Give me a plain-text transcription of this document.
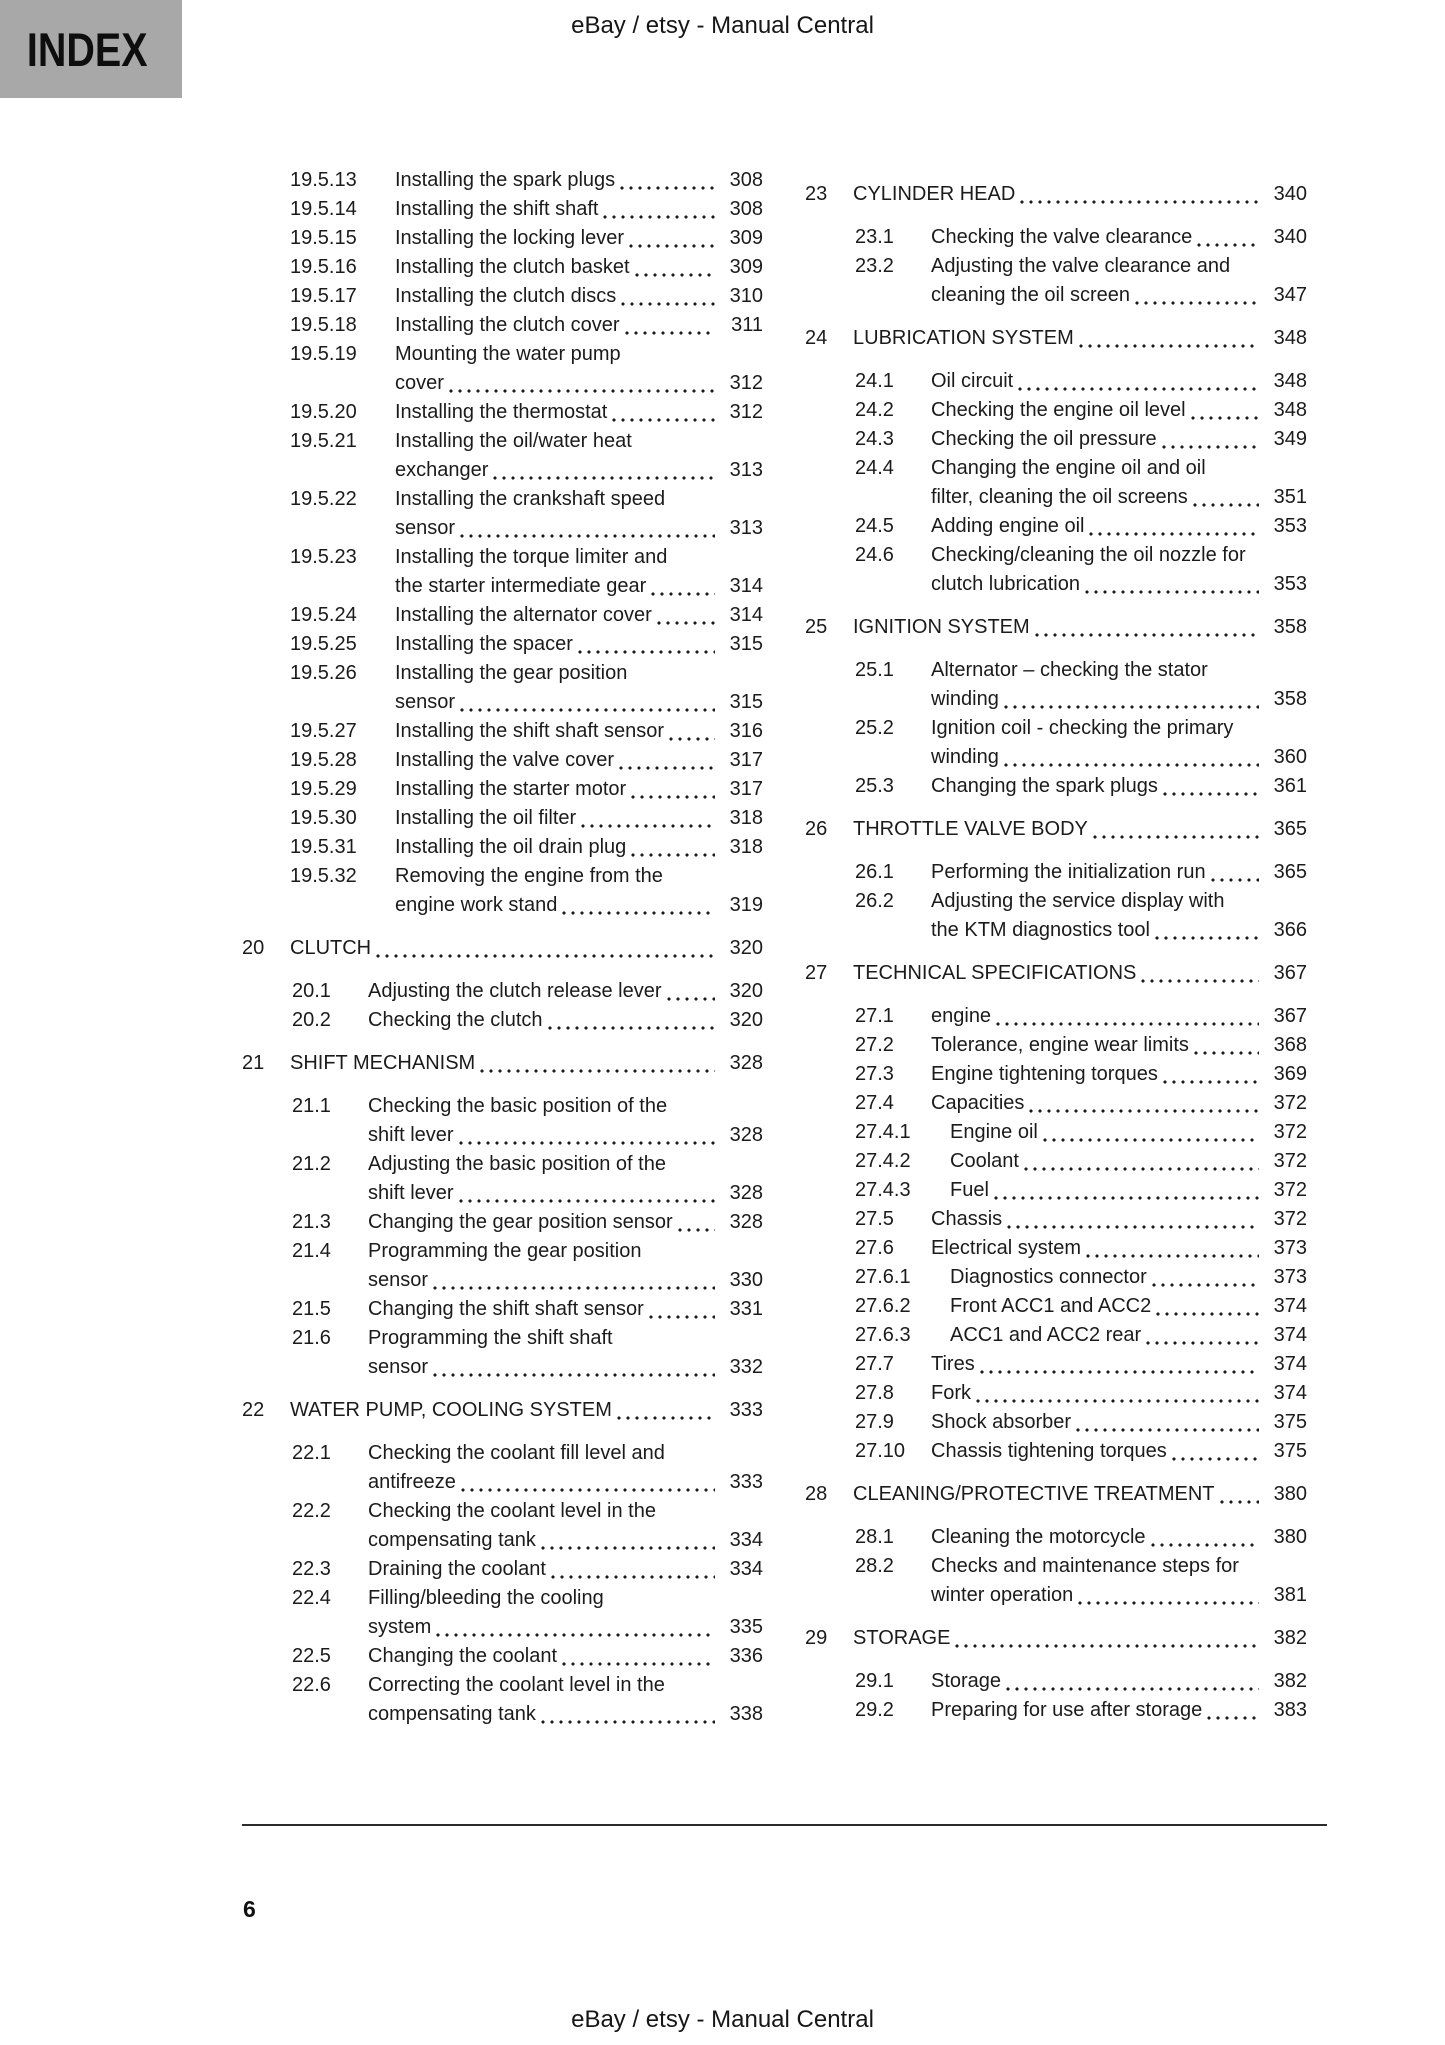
INDEX	eBay / etsy - Manual Central
19.5.13	Installing the spark plugs	308
19.5.14	Installing the shift shaft	308
19.5.15	Installing the locking lever	309
19.5.16	Installing the clutch basket	309
19.5.17	Installing the clutch discs	310
19.5.18	Installing the clutch cover	311
19.5.19	Mounting the water pump
cover	312
19.5.20	Installing the thermostat	312
19.5.21	Installing the oil/water heat
exchanger	313
19.5.22	Installing the crankshaft speed
sensor	313
19.5.23	Installing the torque limiter and
the starter intermediate gear	314
19.5.24	Installing the alternator cover	314
19.5.25	Installing the spacer	315
19.5.26	Installing the gear position
sensor	315
19.5.27	Installing the shift shaft sensor	316
19.5.28	Installing the valve cover	317
19.5.29	Installing the starter motor	317
19.5.30	Installing the oil filter	318
19.5.31	Installing the oil drain plug	318
19.5.32	Removing the engine from the
engine work stand	319
20	CLUTCH	320
20.1	Adjusting the clutch release lever	320
20.2	Checking the clutch	320
21	SHIFT MECHANISM	328
21.1	Checking the basic position of the
shift lever	328
21.2	Adjusting the basic position of the
shift lever	328
21.3	Changing the gear position sensor	328
21.4	Programming the gear position
sensor	330
21.5	Changing the shift shaft sensor	331
21.6	Programming the shift shaft
sensor	332
22	WATER PUMP, COOLING SYSTEM	333
22.1	Checking the coolant fill level and
antifreeze	333
22.2	Checking the coolant level in the
compensating tank	334
22.3	Draining the coolant	334
22.4	Filling/bleeding the cooling
system	335
22.5	Changing the coolant	336
22.6	Correcting the coolant level in the
compensating tank	338
23	CYLINDER HEAD	340
23.1	Checking the valve clearance	340
23.2	Adjusting the valve clearance and
cleaning the oil screen	347
24	LUBRICATION SYSTEM	348
24.1	Oil circuit	348
24.2	Checking the engine oil level	348
24.3	Checking the oil pressure	349
24.4	Changing the engine oil and oil
filter, cleaning the oil screens	351
24.5	Adding engine oil	353
24.6	Checking/cleaning the oil nozzle for
clutch lubrication	353
25	IGNITION SYSTEM	358
25.1	Alternator – checking the stator
winding	358
25.2	Ignition coil - checking the primary
winding	360
25.3	Changing the spark plugs	361
26	THROTTLE VALVE BODY	365
26.1	Performing the initialization run	365
26.2	Adjusting the service display with
the KTM diagnostics tool	366
27	TECHNICAL SPECIFICATIONS	367
27.1	engine	367
27.2	Tolerance, engine wear limits	368
27.3	Engine tightening torques	369
27.4	Capacities	372
27.4.1	Engine oil	372
27.4.2	Coolant	372
27.4.3	Fuel	372
27.5	Chassis	372
27.6	Electrical system	373
27.6.1	Diagnostics connector	373
27.6.2	Front ACC1 and ACC2	374
27.6.3	ACC1 and ACC2 rear	374
27.7	Tires	374
27.8	Fork	374
27.9	Shock absorber	375
27.10	Chassis tightening torques	375
28	CLEANING/PROTECTIVE TREATMENT	380
28.1	Cleaning the motorcycle	380
28.2	Checks and maintenance steps for
winter operation	381
29	STORAGE	382
29.1	Storage	382
29.2	Preparing for use after storage	383
6
eBay / etsy - Manual Central
